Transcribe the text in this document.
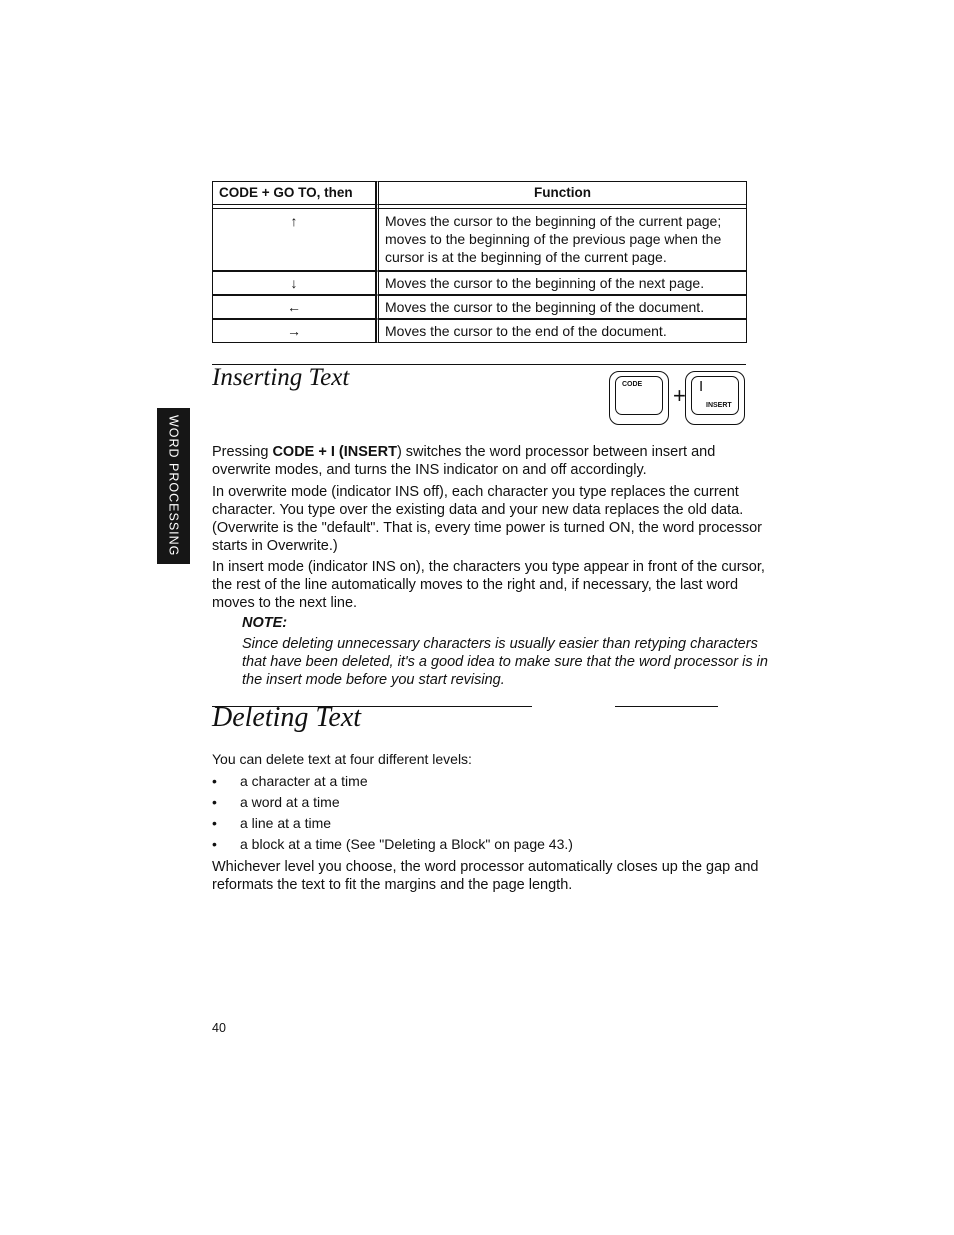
WORD PROCESSING
CODE + GO TO, then	Function

↑	Moves the cursor to the beginning of the current page; moves to the beginning of the previous page when the cursor is at the beginning of the current page.
↓	Moves the cursor to the beginning of the next page.
←	Moves the cursor to the beginning of the document.
→	Moves the cursor to the end of the document.
Inserting Text	CODE + I
INSERT

Pressing CODE + I (INSERT) switches the word processor between insert and overwrite modes, and turns the INS indicator on and off accordingly.

In overwrite mode (indicator INS off), each character you type replaces the current character. You type over the existing data and your new data replaces the old data. (Overwrite is the "default". That is, every time power is turned ON, the word processor starts in Overwrite.)

In insert mode (indicator INS on), the characters you type appear in front of the cursor, the rest of the line automatically moves to the right and, if necessary, the last word moves to the next line.

NOTE:

Since deleting unnecessary characters is usually easier than retyping characters that have been deleted, it's a good idea to make sure that the word processor is in the insert mode before you start revising.

Deleting Text

You can delete text at four different levels:

• a character at a time
• a word at a time
• a line at a time
• a block at a time (See "Deleting a Block" on page 43.)

Whichever level you choose, the word processor automatically closes up the gap and reformats the text to fit the margins and the page length.

40
